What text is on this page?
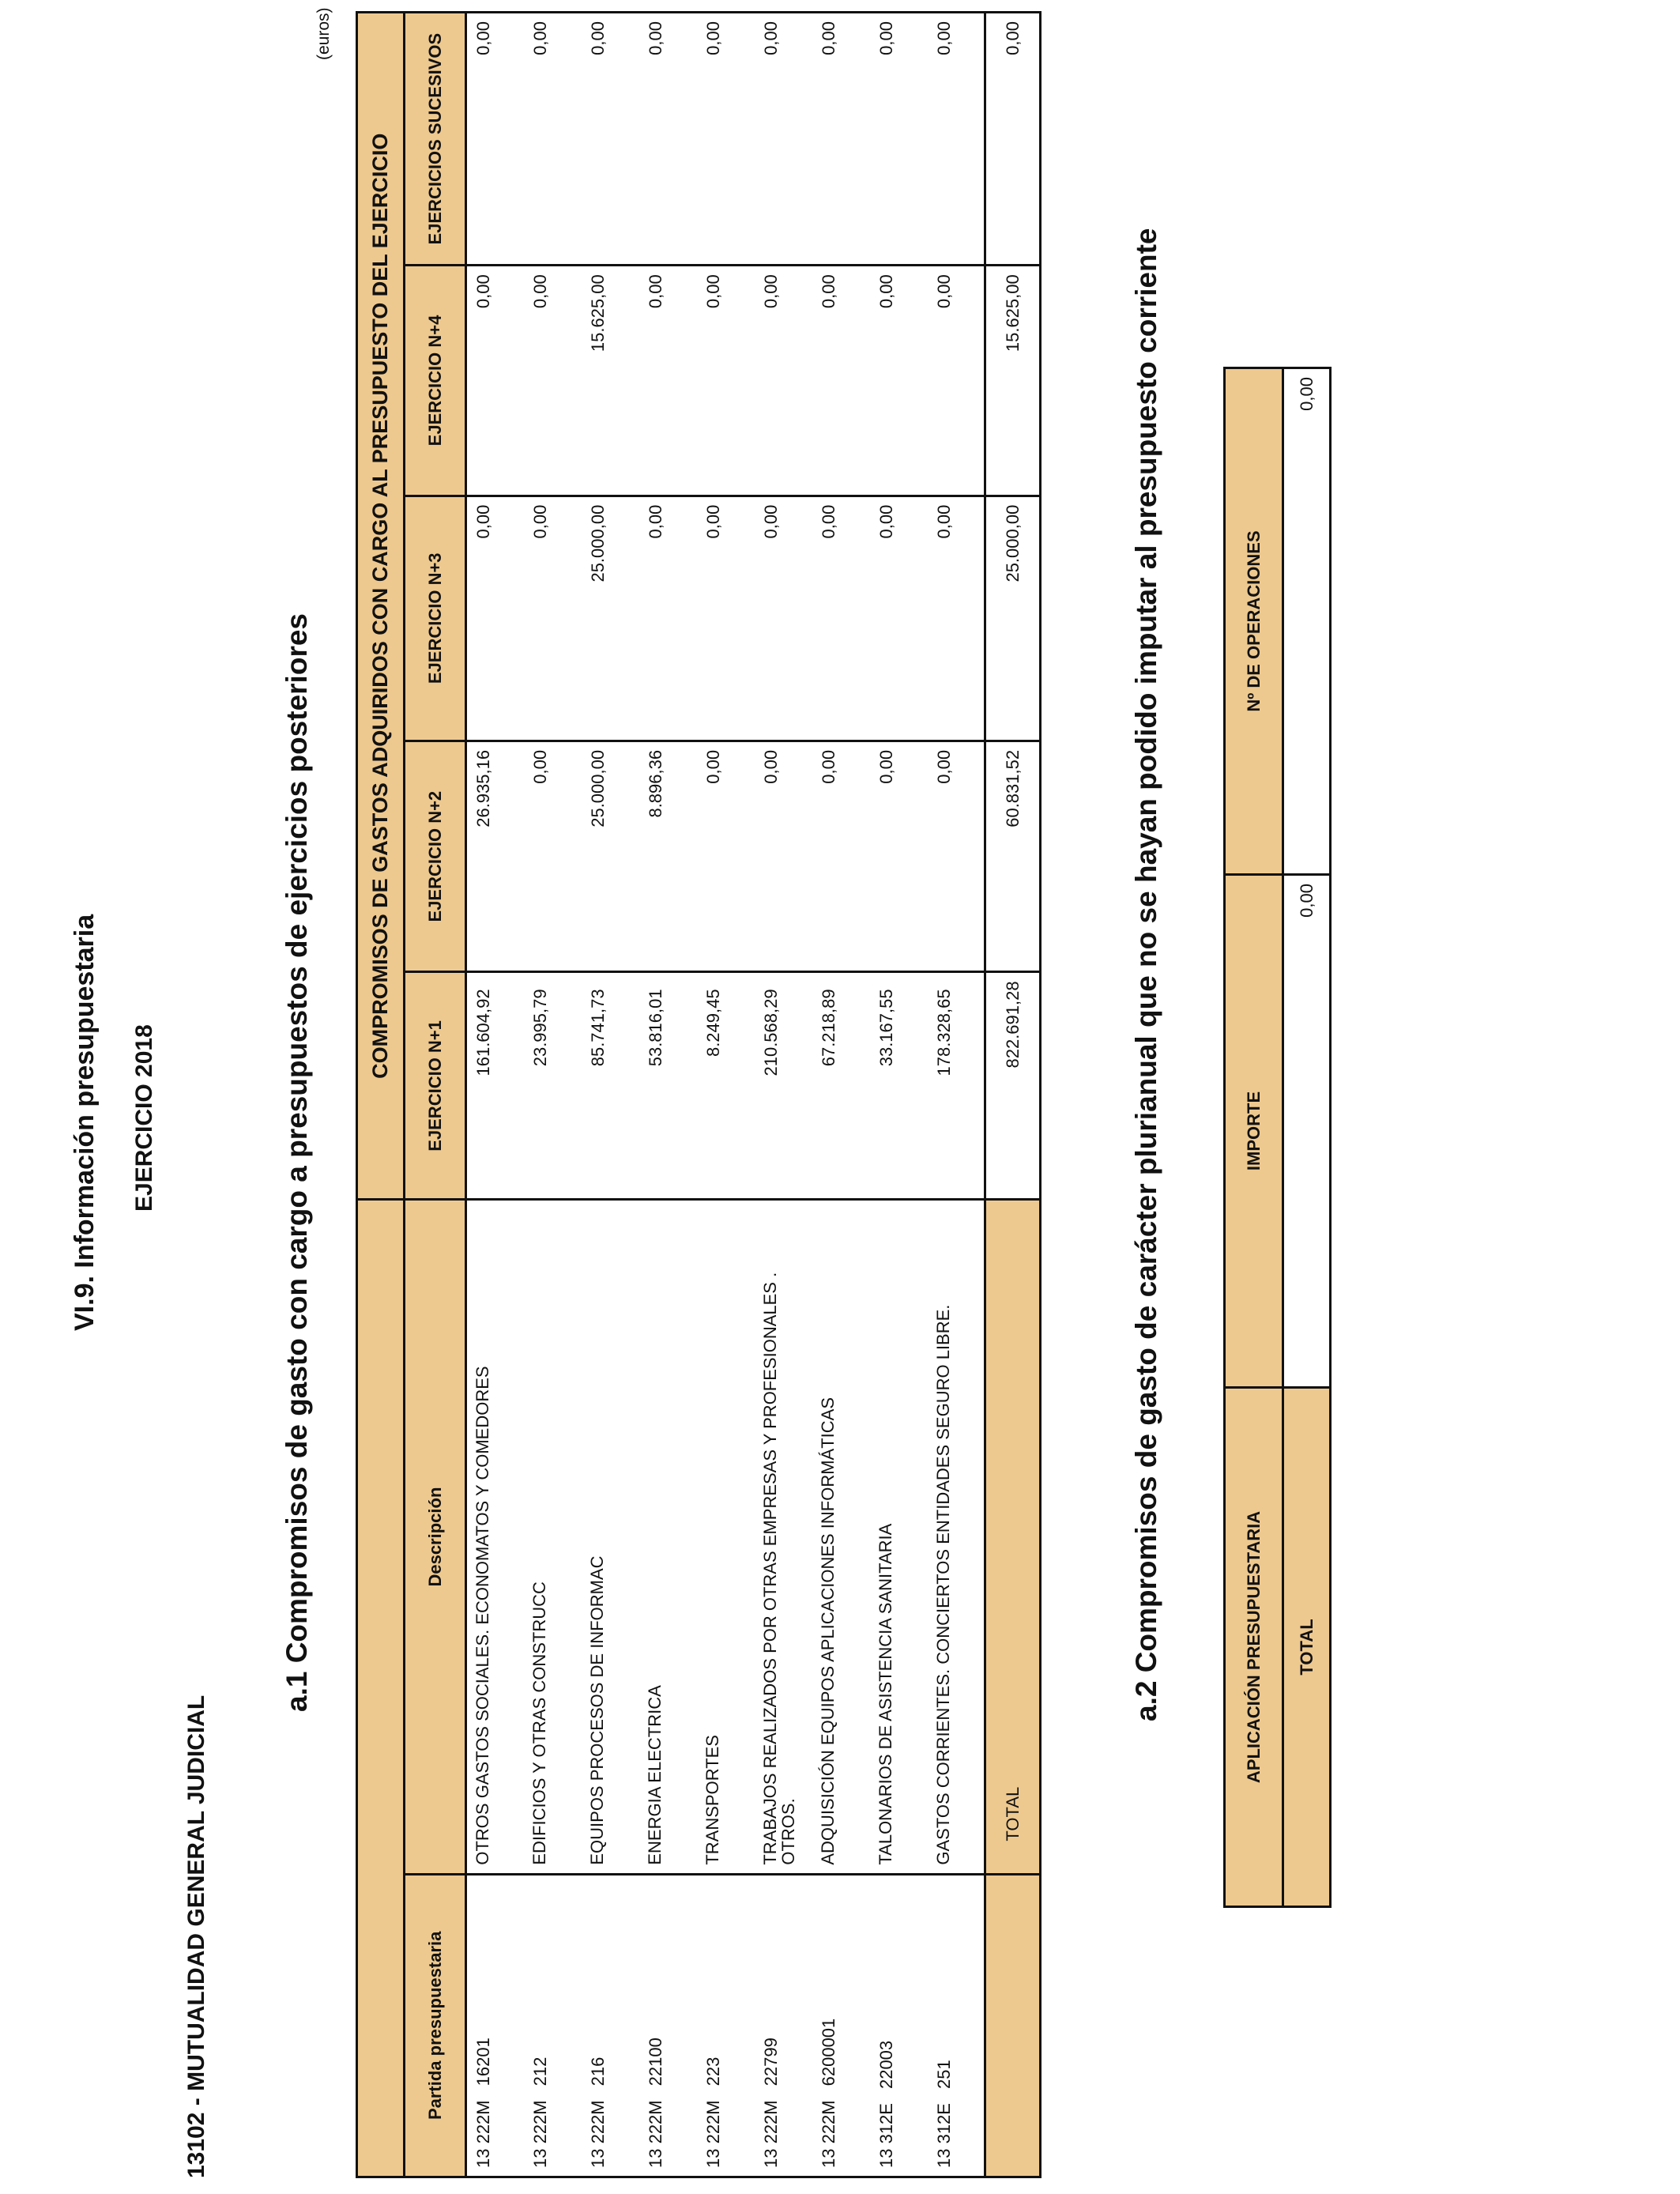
VI.9. Información presupuestaria EJERCICIO 2018
13102 - MUTUALIDAD GENERAL JUDICIAL
a.1 Compromisos de gasto con cargo a presupuestos de ejercicios posteriores
(euros)
		COMPROMISOS DE GASTOS ADQUIRIDOS CON CARGO AL PRESUPUESTO DEL EJERCICIO				
Partida presupuestaria	Descripción	EJERCICIO N+1	EJERCICIO N+2	EJERCICIO N+3	EJERCICIO N+4	EJERCICIOS SUCESIVOS
13 222M16201	OTROS GASTOS SOCIALES. ECONOMATOS Y COMEDORES	161.604,92	26.935,16	0,00	0,00	0,00
13 222M212	EDIFICIOS Y OTRAS CONSTRUCC	23.995,79	0,00	0,00	0,00	0,00
13 222M216	EQUIPOS PROCESOS DE INFORMAC	85.741,73	25.000,00	25.000,00	15.625,00	0,00
13 222M22100	ENERGIA ELECTRICA	53.816,01	8.896,36	0,00	0,00	0,00
13 222M223	TRANSPORTES	8.249,45	0,00	0,00	0,00	0,00
13 222M22799	TRABAJOS REALIZADOS POR OTRAS EMPRESAS Y PROFESIONALES . OTROS.	210.568,29	0,00	0,00	0,00	0,00
13 222M6200001	ADQUISICIÓN EQUIPOS APLICACIONES INFORMÁTICAS	67.218,89	0,00	0,00	0,00	0,00
13 312E22003	TALONARIOS DE ASISTENCIA SANITARIA	33.167,55	0,00	0,00	0,00	0,00
13 312E251	GASTOS CORRIENTES. CONCIERTOS ENTIDADES SEGURO LIBRE.	178.328,65	0,00	0,00	0,00	0,00
	TOTAL	822.691,28	60.831,52	25.000,00	15.625,00	0,00
a.2 Compromisos de gasto de carácter plurianual que no se hayan podido imputar al presupuesto corriente	APLICACIÓN PRESUPUESTARIA	IMPORTE	Nº DE OPERACIONES
TOTAL	0,00	0,00
